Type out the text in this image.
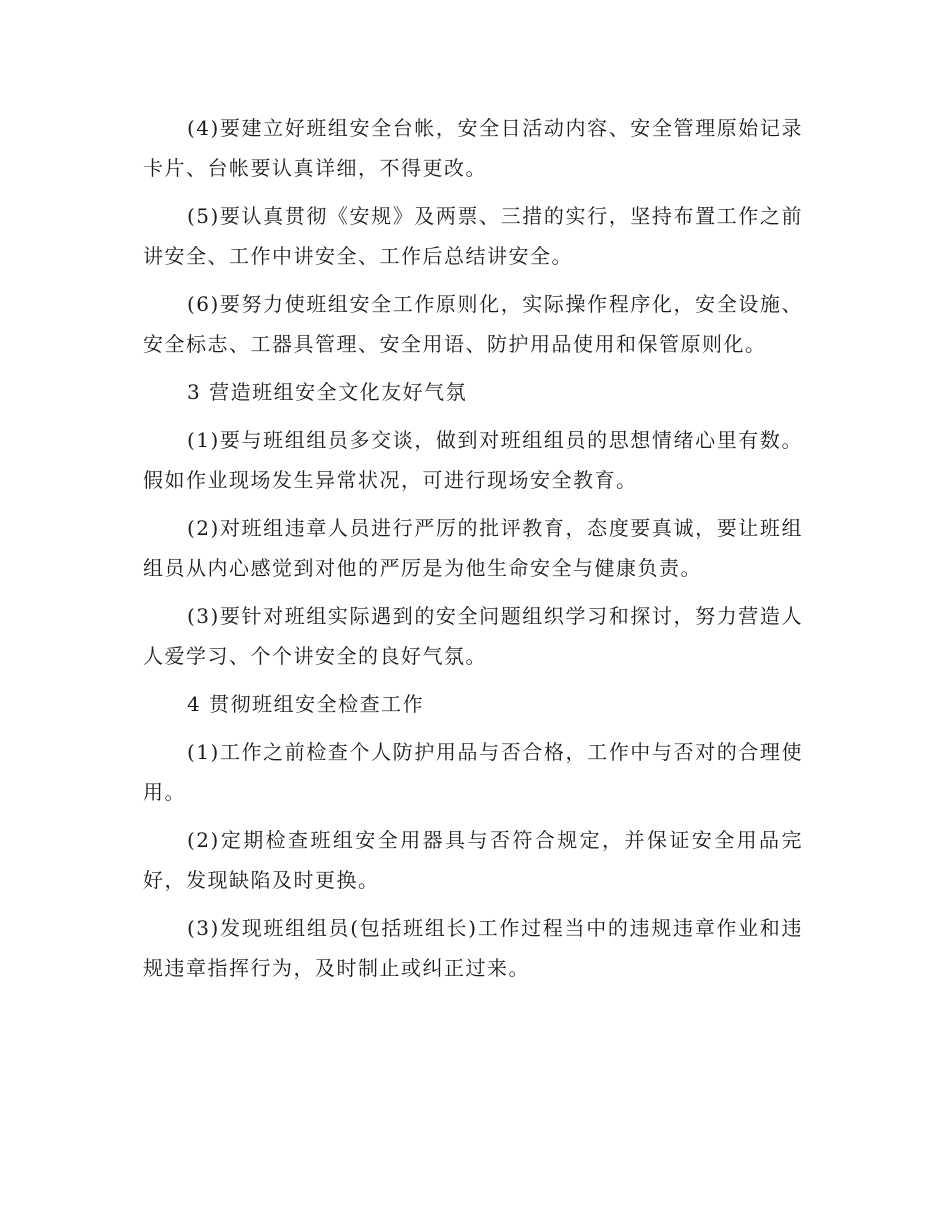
(4)要建立好班组安全台帐，安全日活动内容、安全管理原始记录卡片、台帐要认真详细，不得更改。

(5)要认真贯彻《安规》及两票、三措的实行，坚持布置工作之前讲安全、工作中讲安全、工作后总结讲安全。

(6)要努力使班组安全工作原则化，实际操作程序化，安全设施、安全标志、工器具管理、安全用语、防护用品使用和保管原则化。

3 营造班组安全文化友好气氛

(1)要与班组组员多交谈，做到对班组组员的思想情绪心里有数。假如作业现场发生异常状况，可进行现场安全教育。

(2)对班组违章人员进行严厉的批评教育，态度要真诚，要让班组组员从内心感觉到对他的严厉是为他生命安全与健康负责。

(3)要针对班组实际遇到的安全问题组织学习和探讨，努力营造人人爱学习、个个讲安全的良好气氛。

4 贯彻班组安全检查工作

(1)工作之前检查个人防护用品与否合格，工作中与否对的合理使用。

(2)定期检查班组安全用器具与否符合规定，并保证安全用品完好，发现缺陷及时更换。

(3)发现班组组员(包括班组长)工作过程当中的违规违章作业和违规违章指挥行为，及时制止或纠正过来。
